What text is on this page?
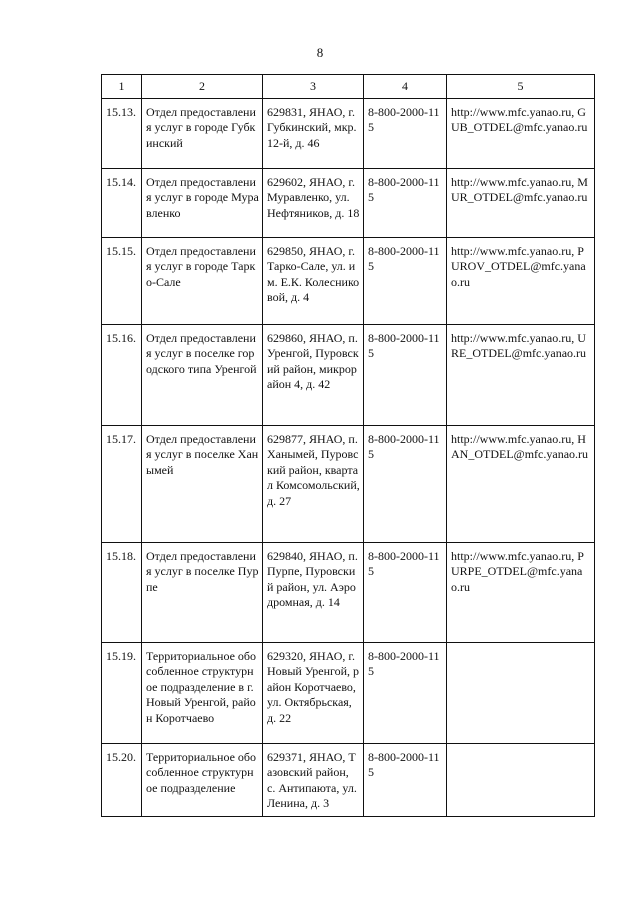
8
1	2	3	4	5
15.13.	Отдел предоставления услуг в городе Губкинский	629831, ЯНАО, г. Губкинский, мкр. 12-й, д. 46	8-800-2000-115	http://www.mfc.yanao.ru, GUB_OTDEL@mfc.yanao.ru
15.14.	Отдел предоставления услуг в городе Муравленко	629602, ЯНАО, г. Муравленко, ул. Нефтяников, д. 18	8-800-2000-115	http://www.mfc.yanao.ru, MUR_OTDEL@mfc.yanao.ru
15.15.	Отдел предоставления услуг в городе Тарко-Сале	629850, ЯНАО, г. Тарко-Сале, ул. им. Е.К. Колесниковой, д. 4	8-800-2000-115	http://www.mfc.yanao.ru, PUROV_OTDEL@mfc.yanao.ru
15.16.	Отдел предоставления услуг в поселке городского типа Уренгой	629860, ЯНАО, п. Уренгой, Пуровский район, микрорайон 4, д. 42	8-800-2000-115	http://www.mfc.yanao.ru, URE_OTDEL@mfc.yanao.ru
15.17.	Отдел предоставления услуг в поселке Ханымей	629877, ЯНАО, п. Ханымей, Пуровский район, квартал Комсомольский, д. 27	8-800-2000-115	http://www.mfc.yanao.ru, HAN_OTDEL@mfc.yanao.ru
15.18.	Отдел предоставления услуг в поселке Пурпе	629840, ЯНАО, п. Пурпе, Пуровский район, ул. Аэродромная, д. 14	8-800-2000-115	http://www.mfc.yanao.ru, PURPE_OTDEL@mfc.yanao.ru
15.19.	Территориальное обособленное структурное подразделение в г. Новый Уренгой, район Коротчаево	629320, ЯНАО, г. Новый Уренгой, район Коротчаево, ул. Октябрьская, д. 22	8-800-2000-115	
15.20.	Территориальное обособленное структурное подразделение	629371, ЯНАО, Тазовский район, с. Антипаюта, ул. Ленина, д. 3	8-800-2000-115	
